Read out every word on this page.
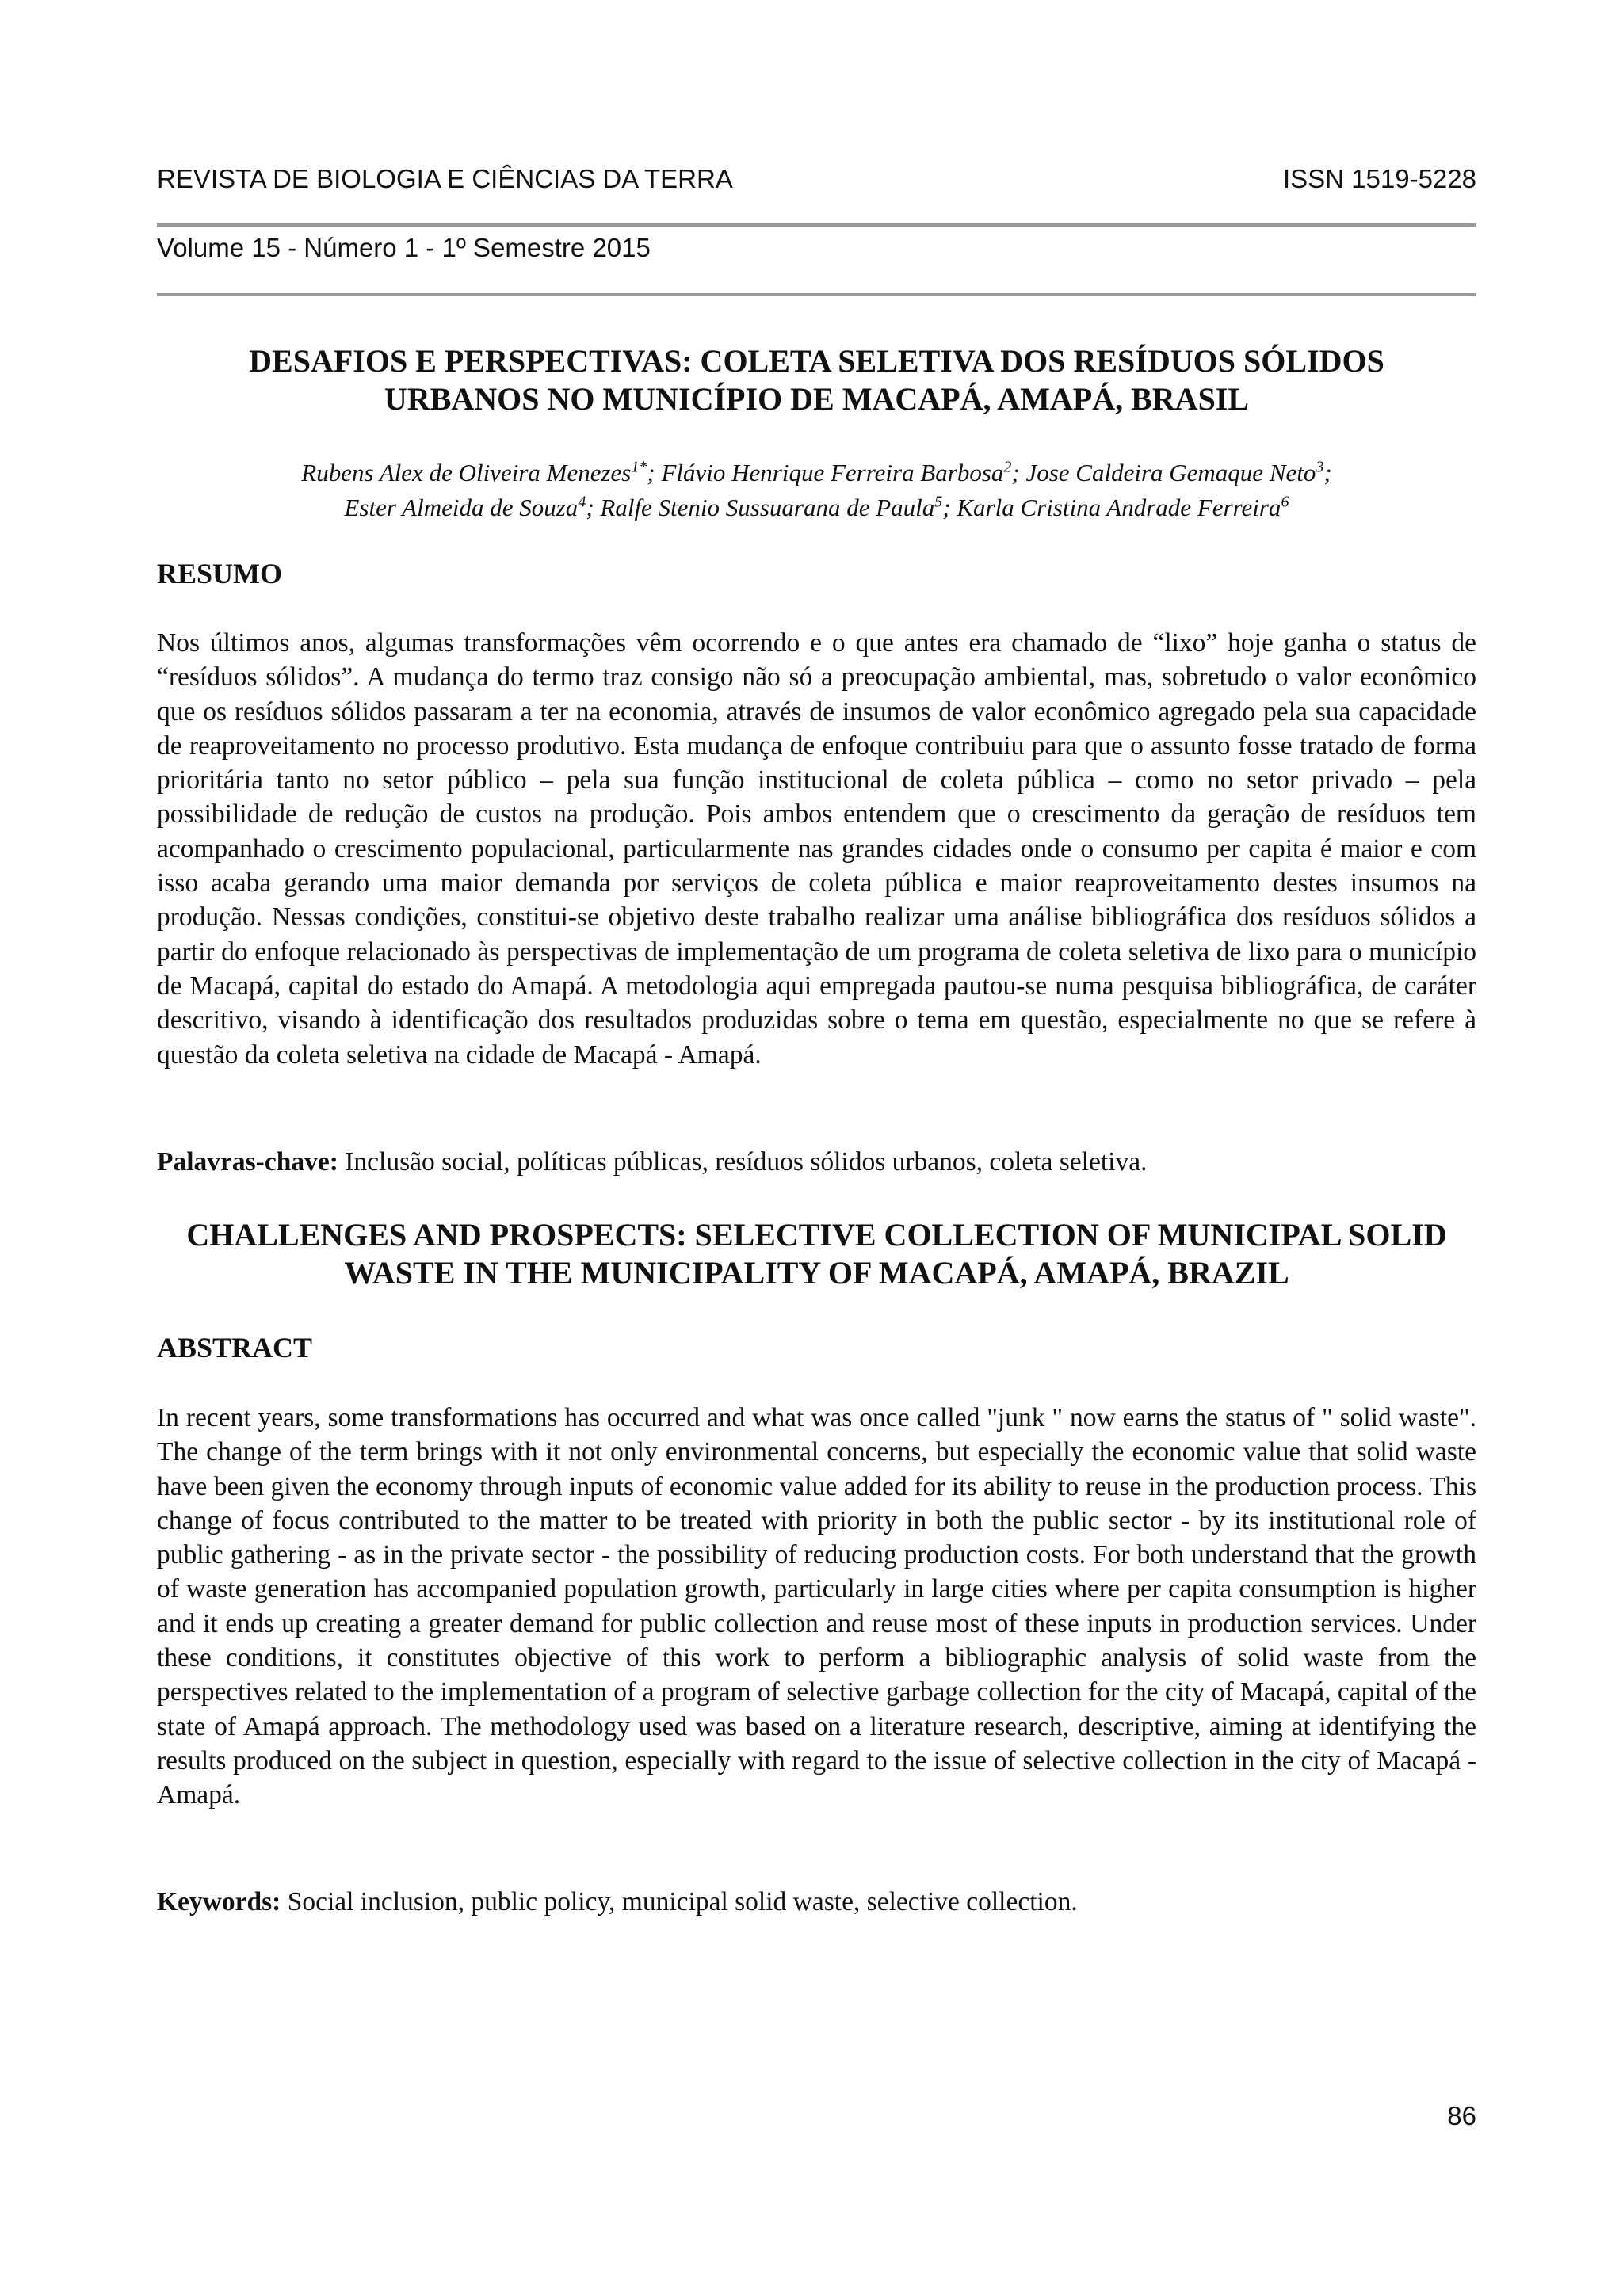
REVISTA DE BIOLOGIA E CIÊNCIAS DA TERRA	ISSN 1519-5228
Volume 15 - Número 1 - 1º Semestre 2015
DESAFIOS E PERSPECTIVAS: COLETA SELETIVA DOS RESÍDUOS SÓLIDOS
URBANOS NO MUNICÍPIO DE MACAPÁ, AMAPÁ, BRASIL
Rubens Alex de Oliveira Menezes$^{1*}$; Flávio Henrique Ferreira Barbosa$^2$; Jose Caldeira Gemaque Neto$^3$;
Ester Almeida de Souza$^4$; Ralfe Stenio Sussuarana de Paula$^5$; Karla Cristina Andrade Ferreira$^6$
RESUMO
Nos últimos anos, algumas transformações vêm ocorrendo e o que antes era chamado de “lixo” hoje ganha o status de “resíduos sólidos”. A mudança do termo traz consigo não só a preocupação ambiental, mas, sobretudo o valor econômico que os resíduos sólidos passaram a ter na economia, através de insumos de valor econômico agregado pela sua capacidade de reaproveitamento no processo produtivo. Esta mudança de enfoque contribuiu para que o assunto fosse tratado de forma prioritária tanto no setor público – pela sua função institucional de coleta pública – como no setor privado – pela possibilidade de redução de custos na produção. Pois ambos entendem que o crescimento da geração de resíduos tem acompanhado o crescimento populacional, particularmente nas grandes cidades onde o consumo per capita é maior e com isso acaba gerando uma maior demanda por serviços de coleta pública e maior reaproveitamento destes insumos na produção. Nessas condições, constitui-se objetivo deste trabalho realizar uma análise bibliográfica dos resíduos sólidos a partir do enfoque relacionado às perspectivas de implementação de um programa de coleta seletiva de lixo para o município de Macapá, capital do estado do Amapá. A metodologia aqui empregada pautou-se numa pesquisa bibliográfica, de caráter descritivo, visando à identificação dos resultados produzidas sobre o tema em questão, especialmente no que se refere à questão da coleta seletiva na cidade de Macapá - Amapá.
Palavras-chave: Inclusão social, políticas públicas, resíduos sólidos urbanos, coleta seletiva.
CHALLENGES AND PROSPECTS: SELECTIVE COLLECTION OF MUNICIPAL SOLID
WASTE IN THE MUNICIPALITY OF MACAPÁ, AMAPÁ, BRAZIL
ABSTRACT
In recent years, some transformations has occurred and what was once called "junk " now earns the status of " solid waste". The change of the term brings with it not only environmental concerns, but especially the economic value that solid waste have been given the economy through inputs of economic value added for its ability to reuse in the production process. This change of focus contributed to the matter to be treated with priority in both the public sector - by its institutional role of public gathering - as in the private sector - the possibility of reducing production costs. For both understand that the growth of waste generation has accompanied population growth, particularly in large cities where per capita consumption is higher and it ends up creating a greater demand for public collection and reuse most of these inputs in production services. Under these conditions, it constitutes objective of this work to perform a bibliographic analysis of solid waste from the perspectives related to the implementation of a program of selective garbage collection for the city of Macapá, capital of the state of Amapá approach. The methodology used was based on a literature research, descriptive, aiming at identifying the results produced on the subject in question, especially with regard to the issue of selective collection in the city of Macapá - Amapá.
Keywords: Social inclusion, public policy, municipal solid waste, selective collection.
86
